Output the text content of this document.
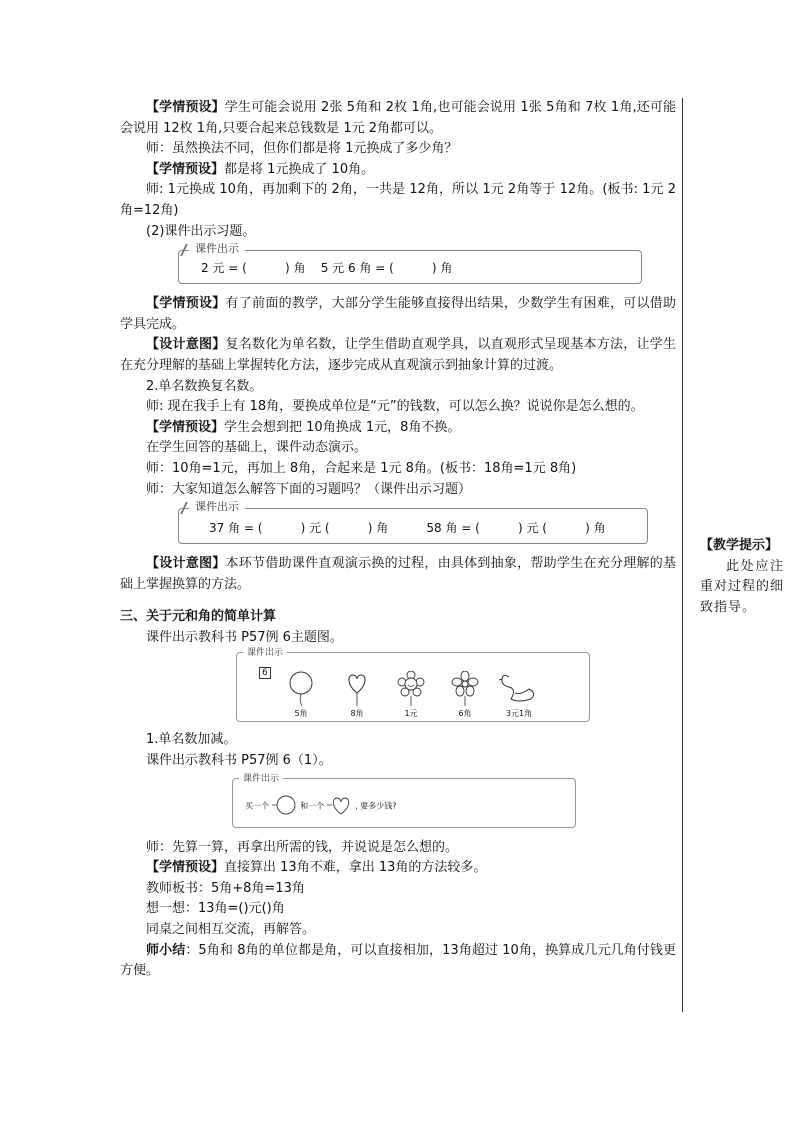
【学情预设】学生可能会说用 2张 5角和 2枚 1角,也可能会说用 1张 5角和 7枚 1角,还可能会说用 12枚 1角,只要合起来总钱数是 1元 2角都可以。

师：虽然换法不同，但你们都是将 1元换成了多少角？

【学情预设】都是将 1元换成了 10角。

师: 1元换成 10角，再加剩下的 2角，一共是 12角，所以 1元 2角等于 12角。(板书: 1元 2角=12角)

(2)课件出示习题。

课件出示
2 元 = (          ) 角    5 元 6 角 = (          ) 角

【学情预设】有了前面的教学，大部分学生能够直接得出结果，少数学生有困难，可以借助学具完成。

【设计意图】复名数化为单名数，让学生借助直观学具，以直观形式呈现基本方法，让学生在充分理解的基础上掌握转化方法，逐步完成从直观演示到抽象计算的过渡。

2.单名数换复名数。

师: 现在我手上有 18角，要换成单位是“元”的钱数，可以怎么换？说说你是怎么想的。

【学情预设】学生会想到把 10角换成 1元，8角不换。

在学生回答的基础上，课件动态演示。

师：10角=1元，再加上 8角，合起来是 1元 8角。(板书：18角=1元 8角)

师：大家知道怎么解答下面的习题吗？（课件出示习题）

课件出示
37 角 = (          ) 元 (          ) 角          58 角 = (          ) 元 (          ) 角

【设计意图】本环节借助课件直观演示换的过程，由具体到抽象，帮助学生在充分理解的基础上掌握换算的方法。

三、关于元和角的简单计算

课件出示教科书 P57例 6主题图。

课件出示
6
5角	8角	1元	6角	3元1角

1.单名数加减。

课件出示教科书 P57例 6（1）。

课件出示
买一个	和一个	, 要多少钱?

师：先算一算，再拿出所需的钱，并说说是怎么想的。

【学情预设】直接算出 13角不难，拿出 13角的方法较多。

教师板书：5角+8角=13角

想一想：13角=()元()角

同桌之间相互交流，再解答。

师小结：5角和 8角的单位都是角，可以直接相加，13角超过 10角，换算成几元几角付钱更方便。

【教学提示】
此处应注重对过程的细致指导。
